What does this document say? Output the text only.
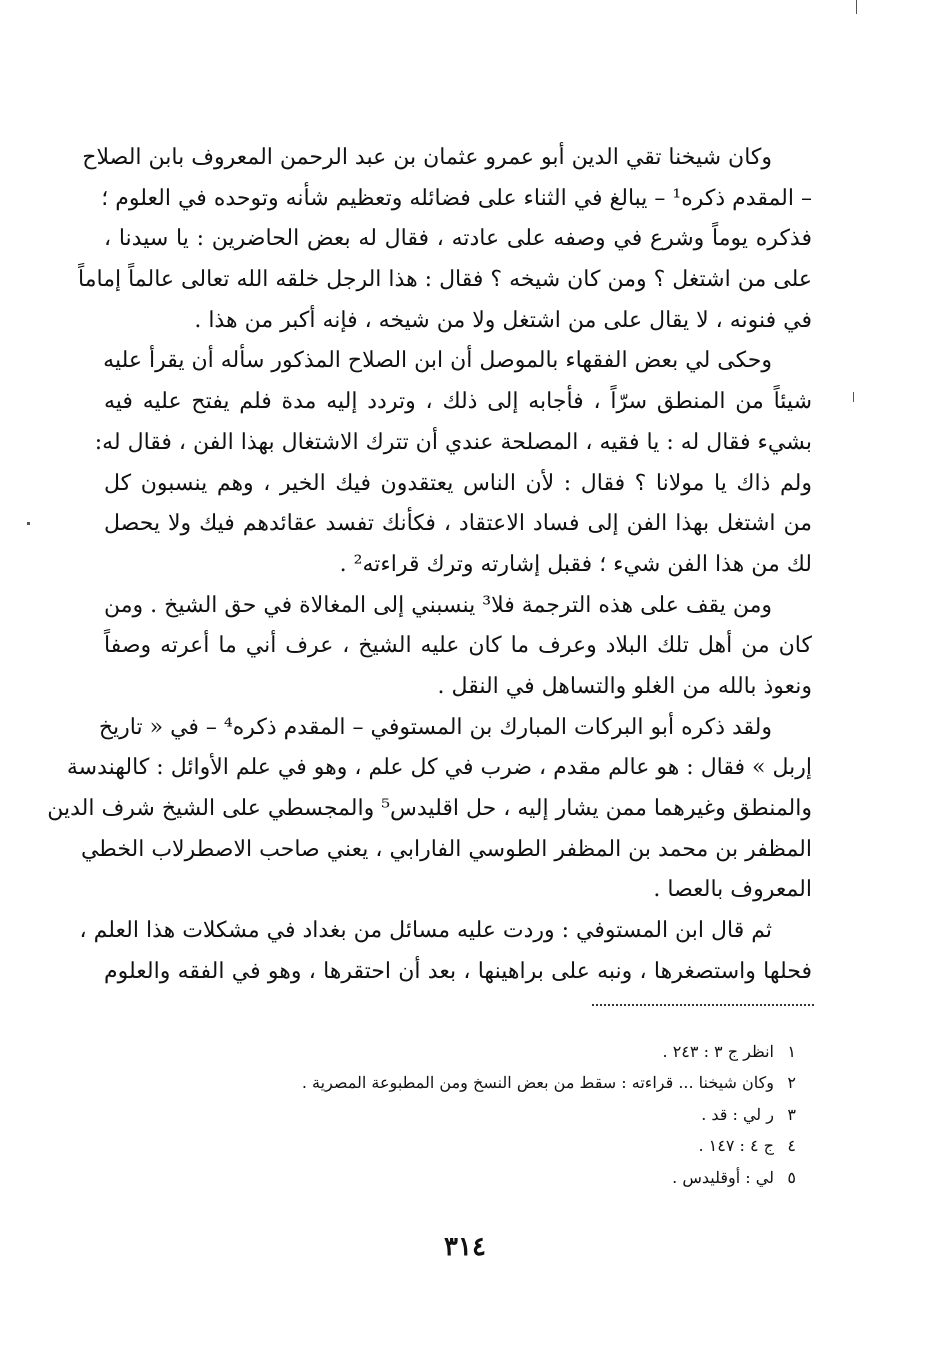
وكان شيخنا تقي الدين أبو عمرو عثمان بن عبد الرحمن المعروف بابن الصلاح
– المقدم ذكره¹ – يبالغ في الثناء على فضائله وتعظيم شأنه وتوحده في العلوم ؛
فذكره يوماً وشرع في وصفه على عادته ، فقال له بعض الحاضرين : يا سيدنا ،
على من اشتغل ؟ ومن كان شيخه ؟ فقال : هذا الرجل خلقه الله تعالى عالماً إماماً
في فنونه ، لا يقال على من اشتغل ولا من شيخه ، فإنه أكبر من هذا .
وحكى لي بعض الفقهاء بالموصل أن ابن الصلاح المذكور سأله أن يقرأ عليه
شيئاً من المنطق سرّاً ، فأجابه إلى ذلك ، وتردد إليه مدة فلم يفتح عليه فيه
بشيء فقال له : يا فقيه ، المصلحة عندي أن تترك الاشتغال بهذا الفن ، فقال له:
ولم ذاك يا مولانا ؟ فقال : لأن الناس يعتقدون فيك الخير ، وهم ينسبون كل
من اشتغل بهذا الفن إلى فساد الاعتقاد ، فكأنك تفسد عقائدهم فيك ولا يحصل
لك من هذا الفن شيء ؛ فقبل إشارته وترك قراءته² .
ومن يقف على هذه الترجمة فلا³ ينسبني إلى المغالاة في حق الشيخ . ومن
كان من أهل تلك البلاد وعرف ما كان عليه الشيخ ، عرف أني ما أعرته وصفاً
ونعوذ بالله من الغلو والتساهل في النقل .
ولقد ذكره أبو البركات المبارك بن المستوفي – المقدم ذكره⁴ – في « تاريخ
إربل » فقال : هو عالم مقدم ، ضرب في كل علم ، وهو في علم الأوائل : كالهندسة
والمنطق وغيرهما ممن يشار إليه ، حل اقليدس⁵ والمجسطي على الشيخ شرف الدين
المظفر بن محمد بن المظفر الطوسي الفارابي ، يعني صاحب الاصطرلاب الخطي
المعروف بالعصا .
ثم قال ابن المستوفي : وردت عليه مسائل من بغداد في مشكلات هذا العلم ،
فحلها واستصغرها ، ونبه على براهينها ، بعد أن احتقرها ، وهو في الفقه والعلوم
١انظر ج ٣ : ٢٤٣ .
٢وكان شيخنا ... قراءته : سقط من بعض النسخ ومن المطبوعة المصرية .
٣ر لي : قد .
٤ج ٤ : ١٤٧ .
٥لي : أوقليدس .
٣١٤
